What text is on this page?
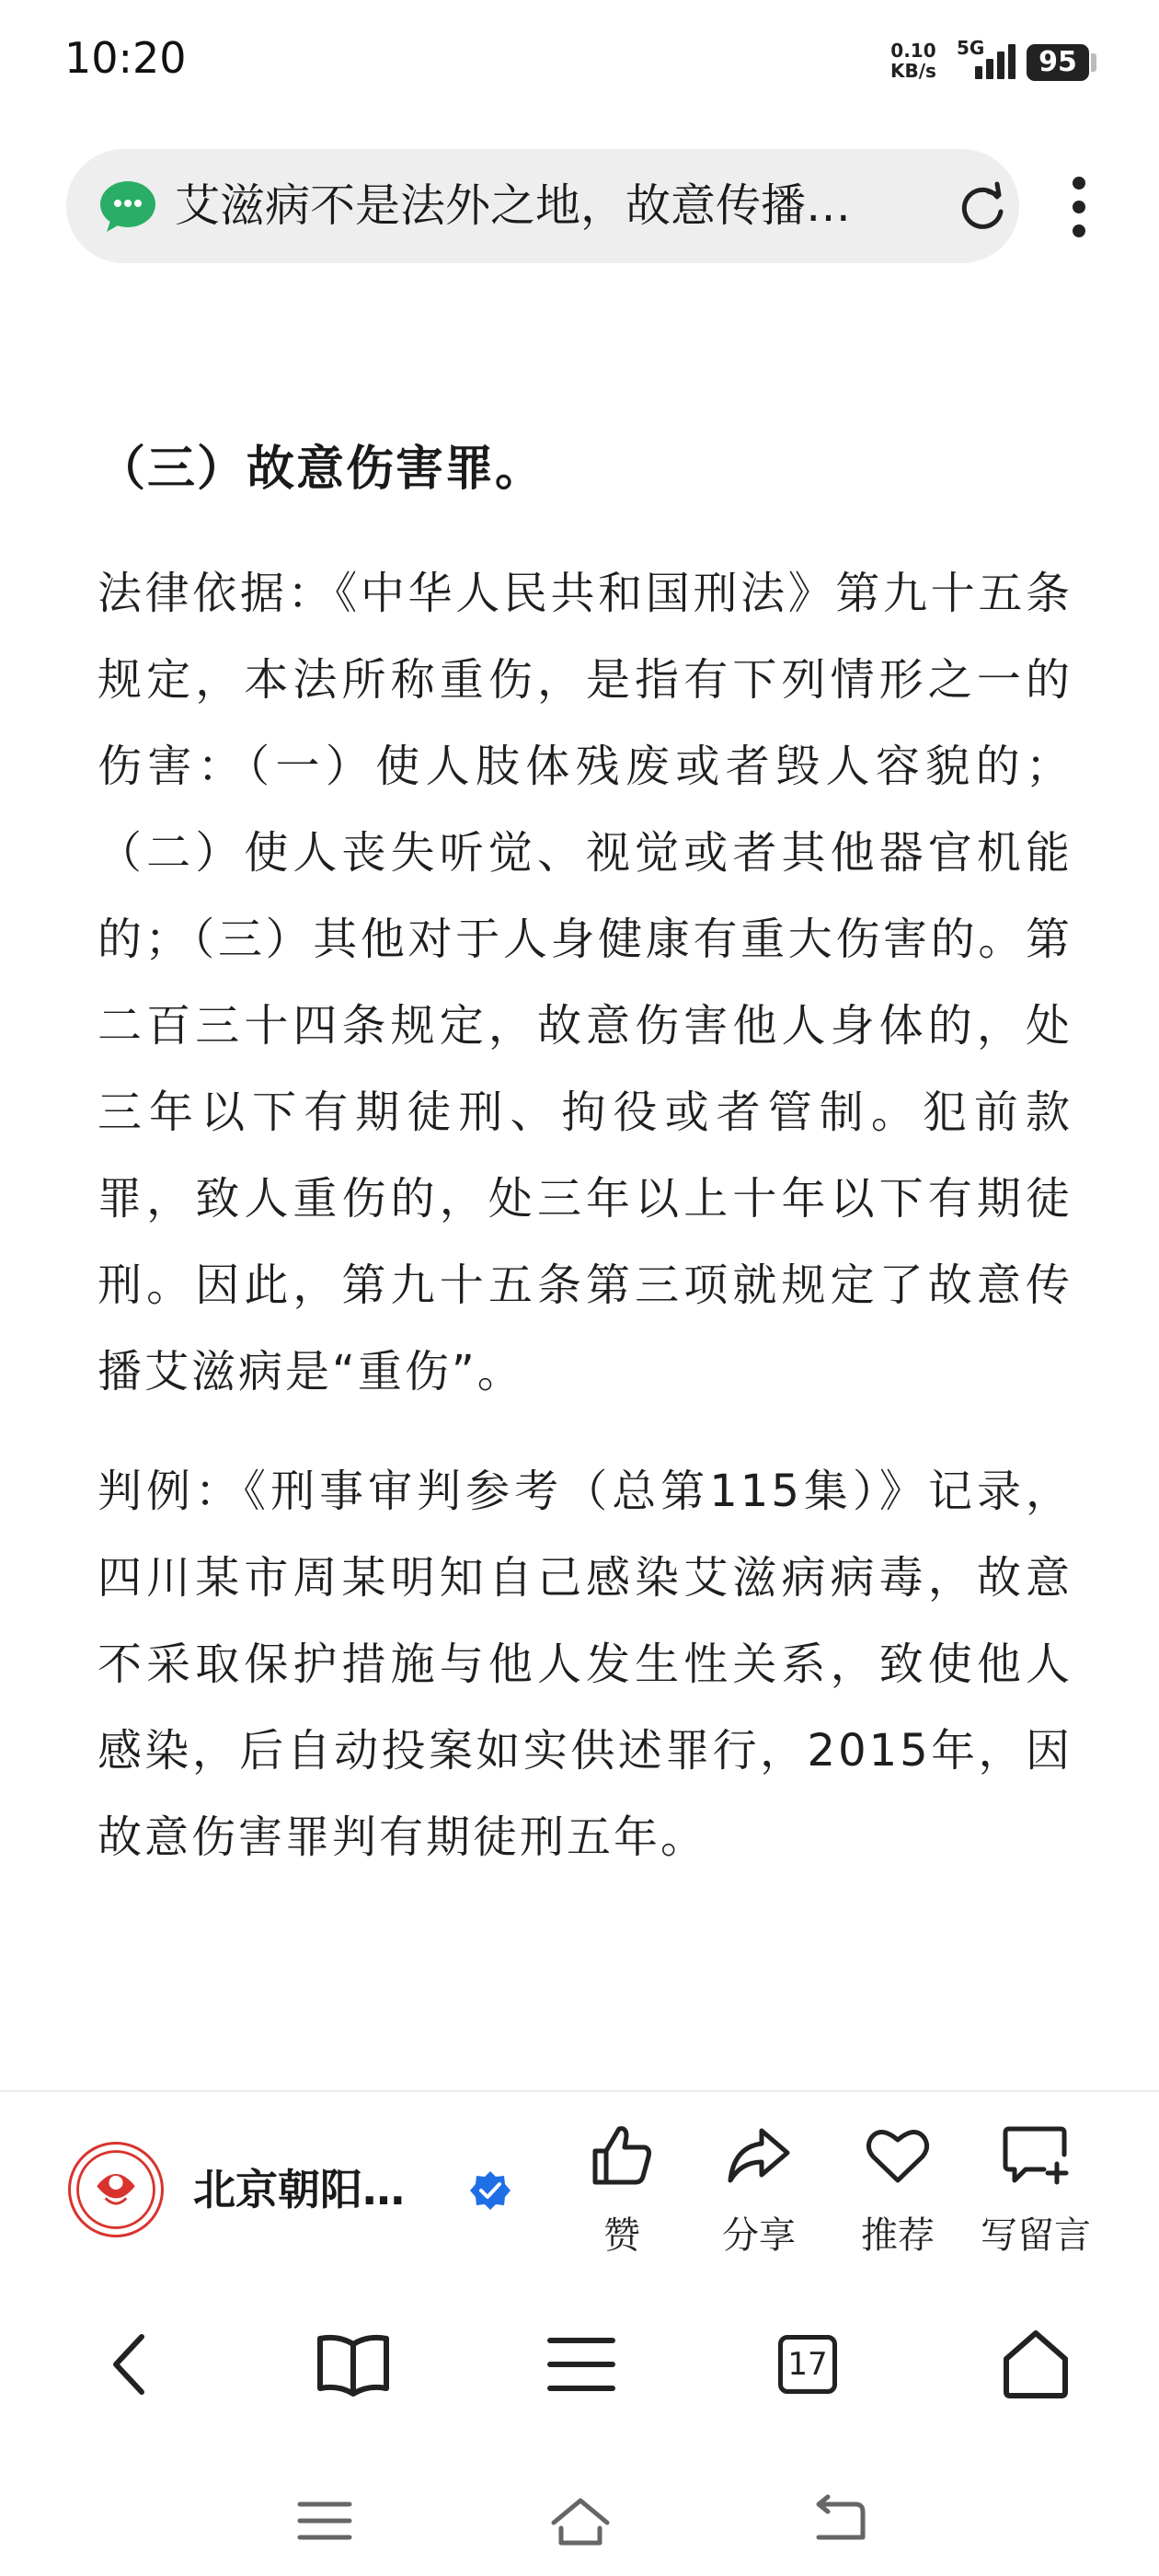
10:20	0.10
KB/s
5G	95
艾滋病不是法外之地，故意传播…
（三）故意伤害罪。

法律依据：《中华人民共和国刑法》第九十五条规定，本法所称重伤，是指有下列情形之一的伤害：（一）使人肢体残废或者毁人容貌的；（二）使人丧失听觉、视觉或者其他器官机能的；（三）其他对于人身健康有重大伤害的。第二百三十四条规定，故意伤害他人身体的，处三年以下有期徒刑、拘役或者管制。犯前款罪，致人重伤的，处三年以上十年以下有期徒刑。因此，第九十五条第三项就规定了故意传播艾滋病是“重伤”。

判例：《刑事审判参考（总第115集）》记录，四川某市周某明知自己感染艾滋病病毒，故意不采取保护措施与他人发生性关系，致使他人感染，后自动投案如实供述罪行，2015年，因故意伤害罪判有期徒刑五年。

北京朝阳…
赞	分享	推荐	写留言
17
